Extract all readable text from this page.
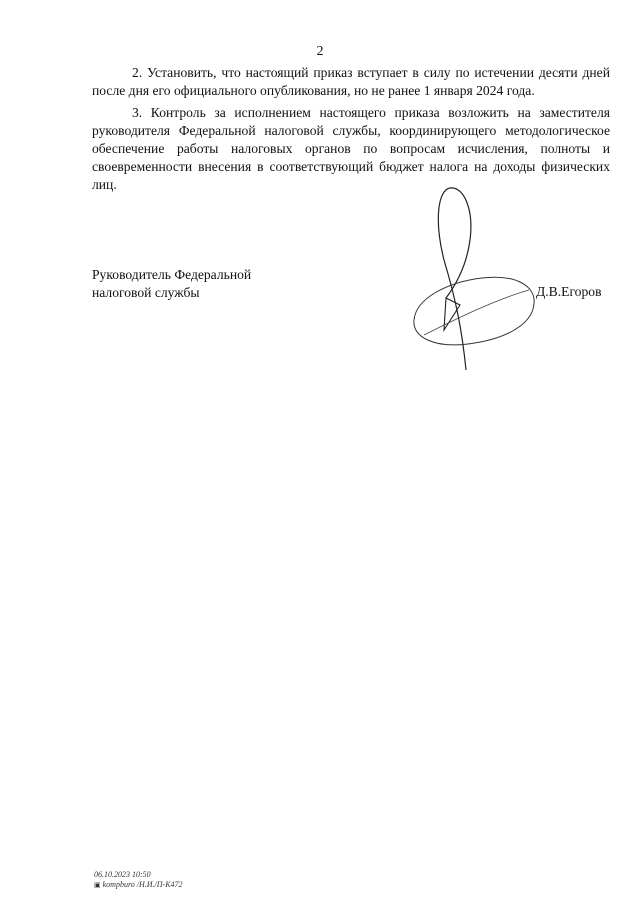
2

2. Установить, что настоящий приказ вступает в силу по истечении десяти дней после дня его официального опубликования, но не ранее 1 января 2024 года.

3. Контроль за исполнением настоящего приказа возложить на заместителя руководителя Федеральной налоговой службы, координирующего методологическое обеспечение работы налоговых органов по вопросам исчисления, полноты и своевременности внесения в соответствующий бюджет налога на доходы физических лиц.

Руководитель Федеральной
налоговой службы	Д.В.Егоров
06.10.2023 10:50
▣ kompburo /Н.И./П-К472
